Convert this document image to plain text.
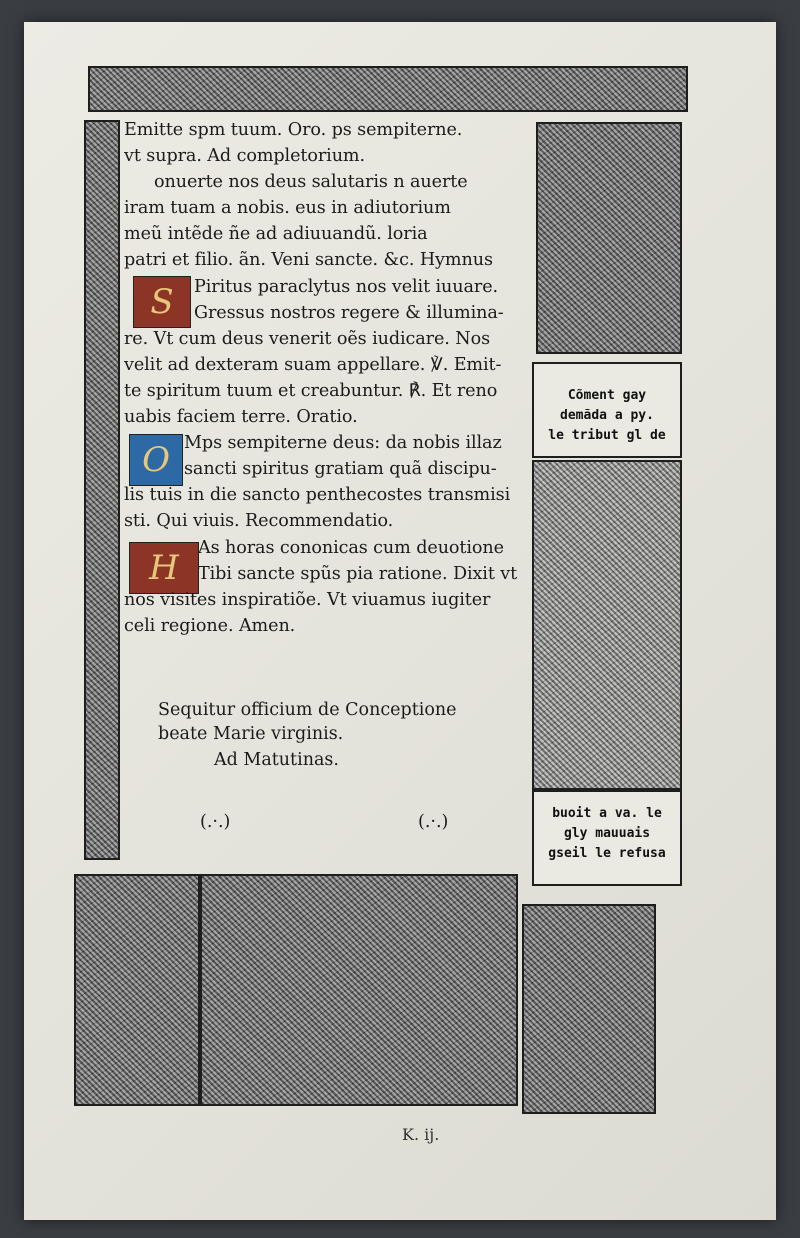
Cõment gay
demãda a py.
le tribut gl de
buoit a va. le
gly mauuais
gseil le refusa
S
O
H
Emitte spm tuum. Oro. ps sempiterne.
vt supra. Ad completorium.
onuerte nos deus salutaris n auerte
iram tuam a nobis. eus in adiutorium
meũ intẽde ñe ad adiuuandũ. loria
patri et filio. ãn. Veni sancte. &c. Hymnus
Piritus paraclytus nos velit iuuare.
Gressus nostros regere & illumina-
re. Vt cum deus venerit oẽs iudicare. Nos
velit ad dexteram suam appellare. ℣. Emit-
te spiritum tuum et creabuntur. ℟. Et reno
uabis faciem terre. Oratio.
Mps sempiterne deus: da nobis illaz
sancti spiritus gratiam quã discipu-
lis tuis in die sancto penthecostes transmisi
sti. Qui viuis. Recommendatio.
As horas cononicas cum deuotione
Tibi sancte spũs pia ratione. Dixit vt
nos visites inspiratiõe. Vt viuamus iugiter
celi regione. Amen.
Sequitur officium de Conceptione
beate Marie virginis.
Ad Matutinas.
(.·.)	(.·.)
K. ij.
